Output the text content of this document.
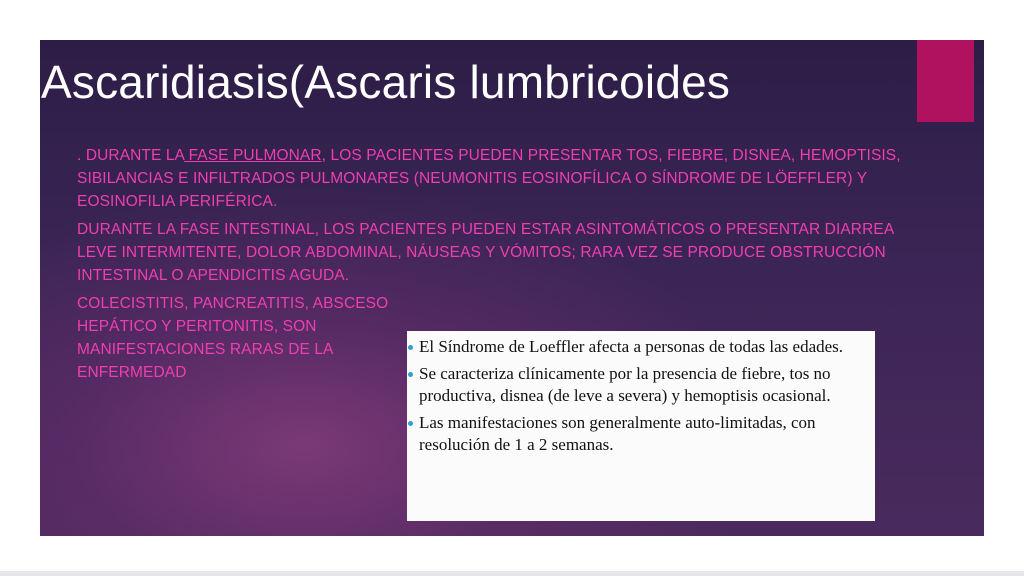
Ascaridiasis(Ascaris lumbricoides

. DURANTE LA FASE PULMONAR, LOS PACIENTES PUEDEN PRESENTAR TOS, FIEBRE, DISNEA, HEMOPTISIS, SIBILANCIAS E INFILTRADOS PULMONARES (NEUMONITIS EOSINOFÍLICA O SÍNDROME DE LÖEFFLER) Y EOSINOFILIA PERIFÉRICA.

DURANTE LA FASE INTESTINAL, LOS PACIENTES PUEDEN ESTAR ASINTOMÁTICOS O PRESENTAR DIARREA LEVE INTERMITENTE, DOLOR ABDOMINAL, NÁUSEAS Y VÓMITOS; RARA VEZ SE PRODUCE OBSTRUCCIÓN INTESTINAL O APENDICITIS AGUDA.

COLECISTITIS, PANCREATITIS, ABSCESO HEPÁTICO Y PERITONITIS, SON MANIFESTACIONES RARAS DE LA ENFERMEDAD

El Síndrome de Loeffler afecta a personas de todas las edades.
Se caracteriza clínicamente por la presencia de fiebre, tos no productiva, disnea (de leve a severa) y hemoptisis ocasional.
Las manifestaciones son generalmente auto-limitadas, con resolución de 1 a 2 semanas.
